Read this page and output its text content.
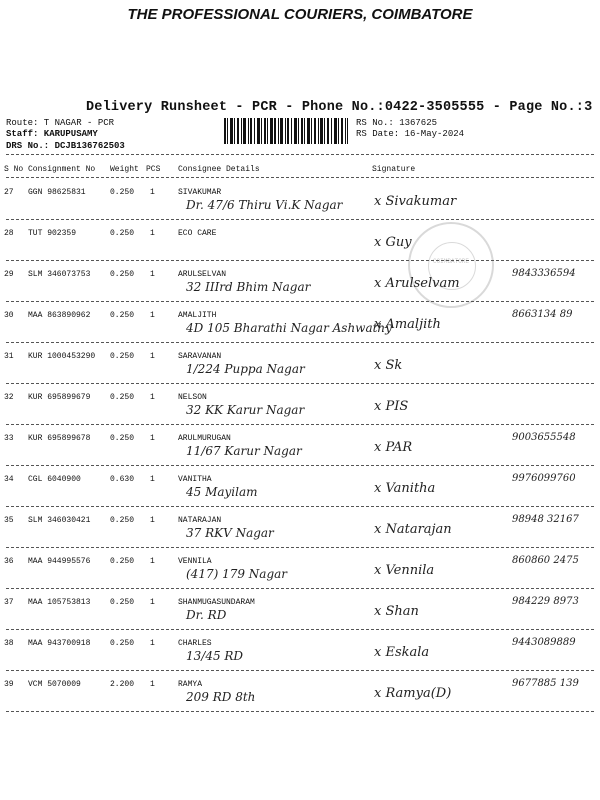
THE PROFESSIONAL COURIERS, COIMBATORE
Delivery Runsheet - PCR - Phone No.:0422-3505555 - Page No.:3
Route: T NAGAR - PCR
Staff: KARUPUSAMY
DRS No.: DCJB136762503
RS No.: 1367625
RS Date: 16-May-2024
S No Consignment No Weight PCS Consignee Details	Signature
COIMBATORE
27 GGN 98625831	0.250 1	SIVAKUMAR
Dr. 47/6 Thiru Vi.K Nagar x Sivakumar
28 TUT 902359	0.250 1	ECO CARE
x Guy
29 SLM 346073753 0.250 1	ARULSELVAN
32 IIIrd Bhim Nagar	x Arulselvam
9843336594
30 MAA 863890962 0.250 1	AMALJITH
4D 105 Bharathi Nagar Ashwathy
x Amaljith
8663134 89
31 KUR 1000453290 0.250 1	SARAVANAN
1/224 Puppa Nagar	x Sk
32 KUR 695899679 0.250 1	NELSON
32 KK Karur Nagar	x PIS
33 KUR 695899678 0.250 1	ARULMURUGAN
11/67 Karur Nagar	x PAR
9003655548
34 CGL 6040900	0.630 1	VANITHA
45 Mayilam	x Vanitha
9976099760
35 SLM 346030421 0.250 1	NATARAJAN
37 RKV Nagar	x Natarajan
98948 32167
36 MAA 944995576 0.250 1	VENNILA
(417) 179 Nagar	x Vennila
860860 2475
37 MAA 105753813 0.250 1	SHANMUGASUNDARAM
Dr. RD	x Shan
984229 8973
38 MAA 943700918 0.250 1	CHARLES
13/45 RD	x Eskala
9443089889
39 VCM 5070009	2.200 1	RAMYA
209 RD 8th	x Ramya(D)
9677885 139
